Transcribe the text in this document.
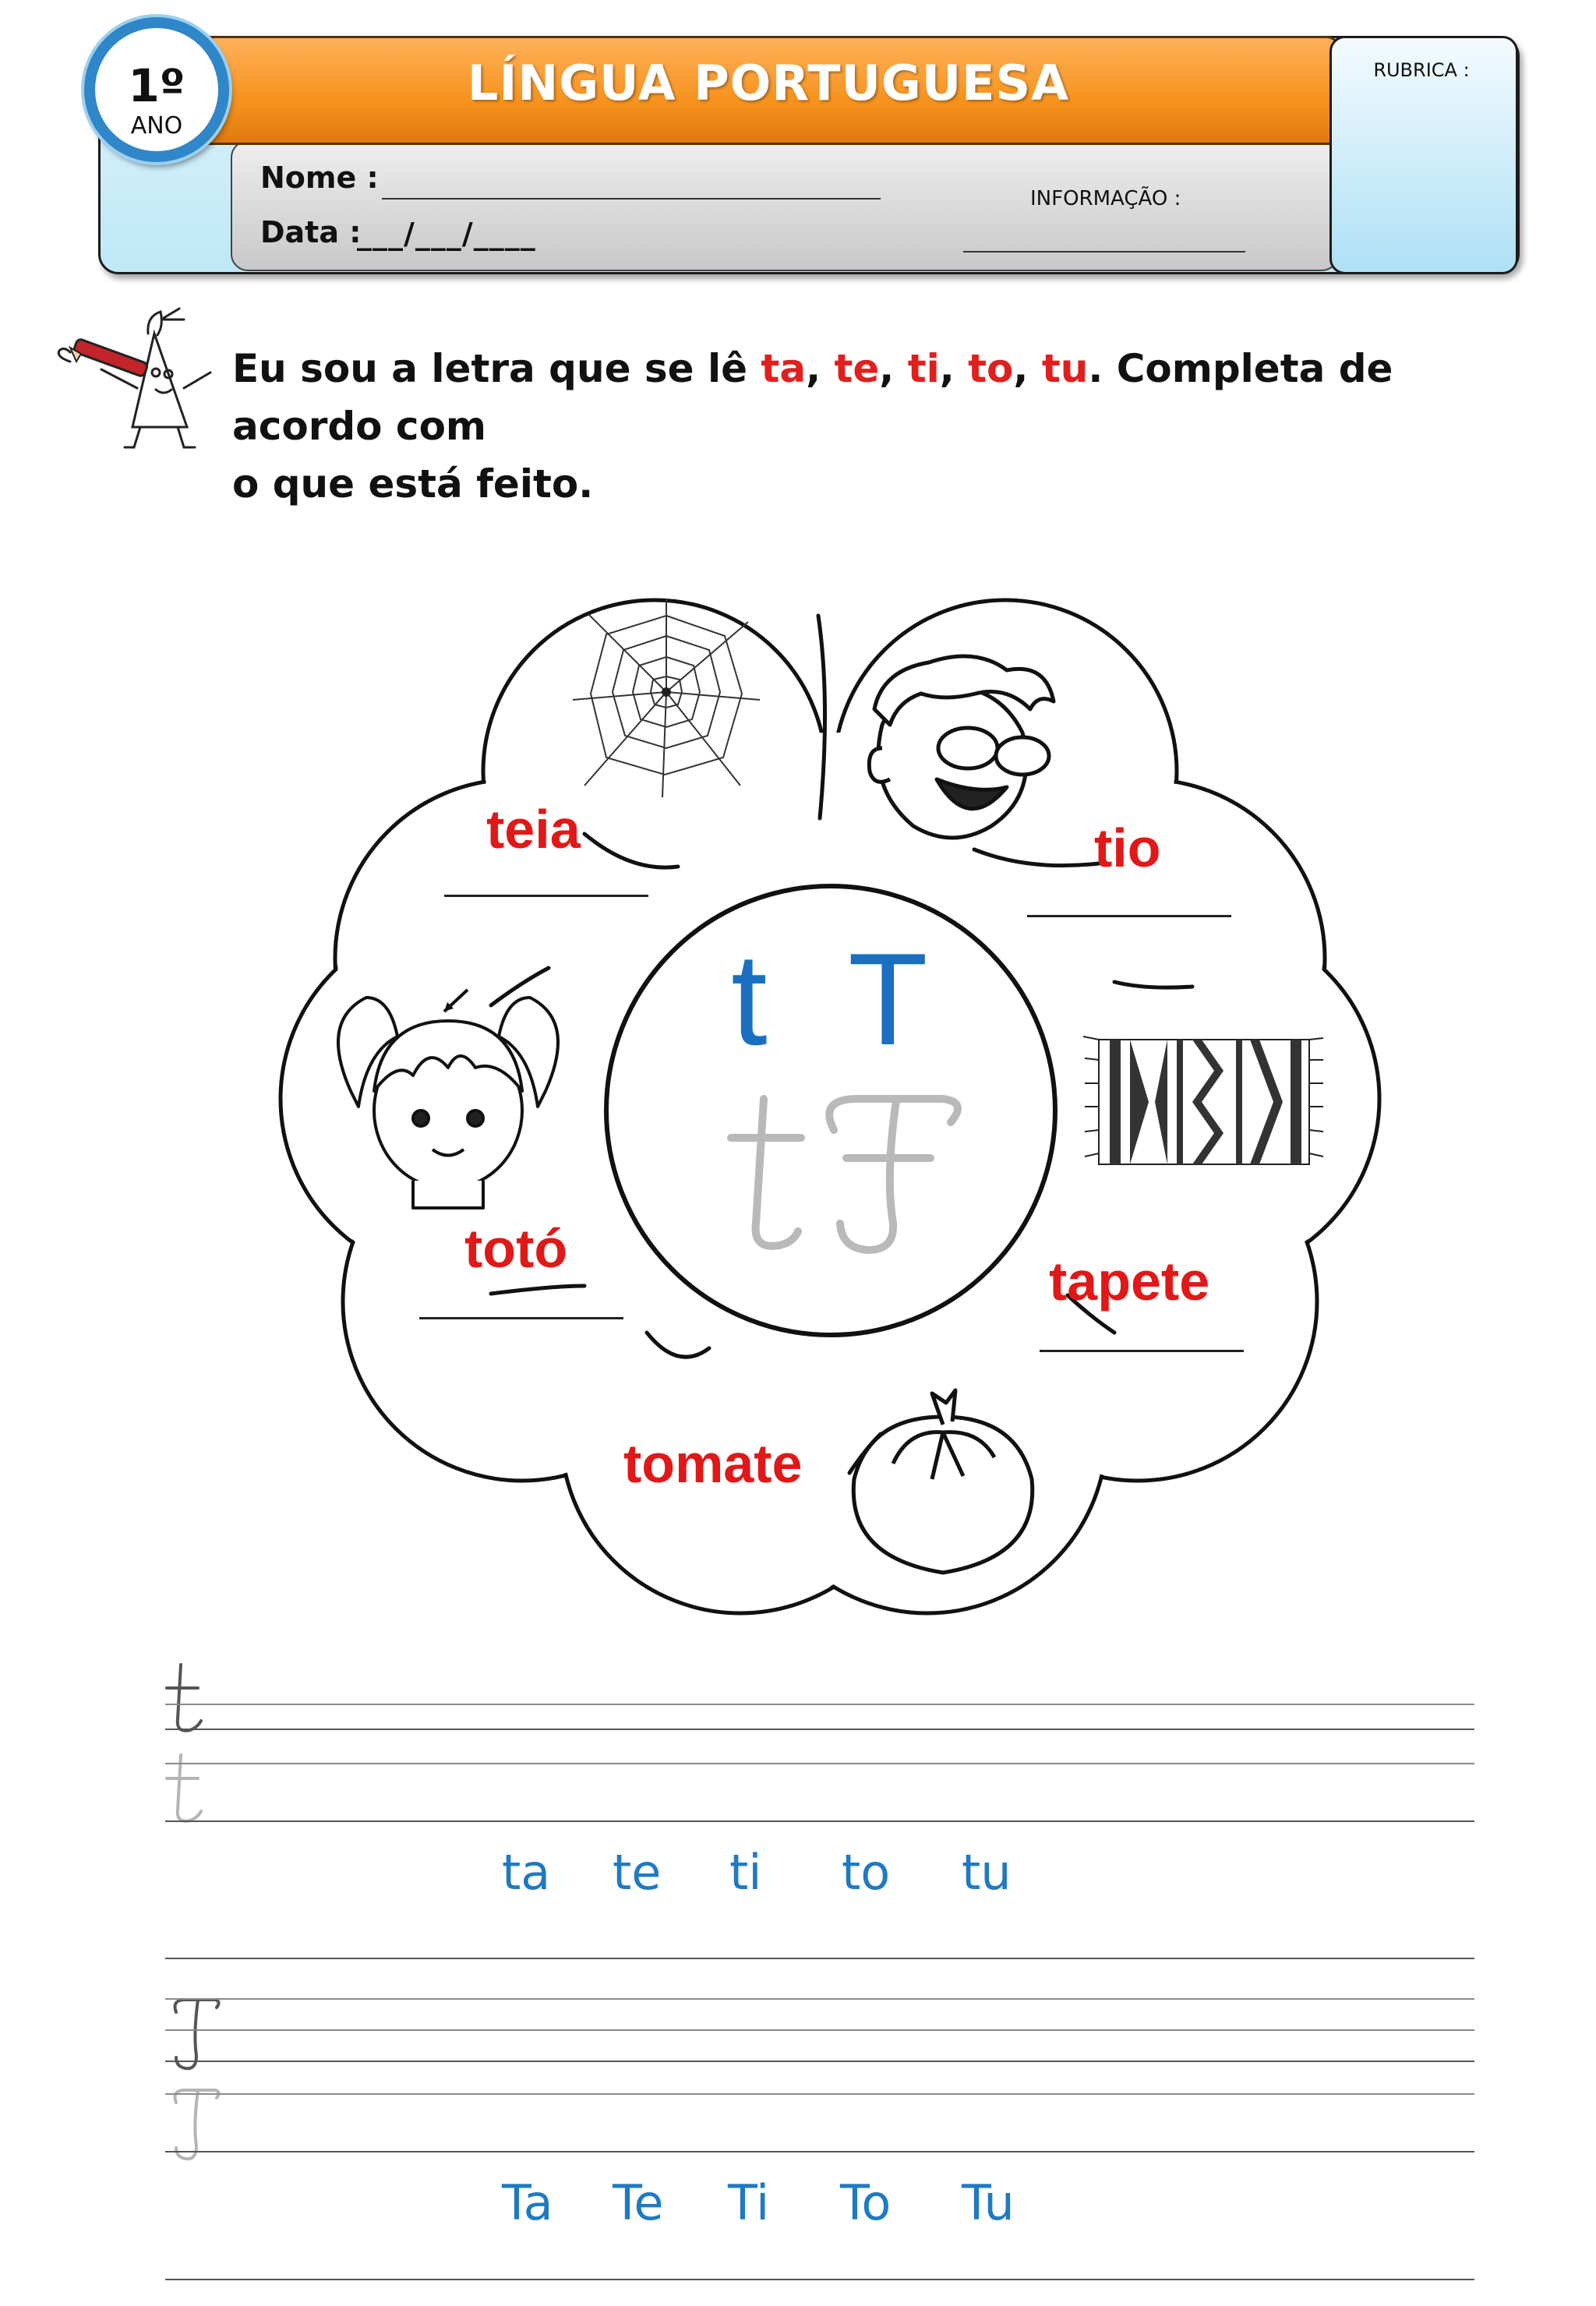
LÍNGUA PORTUGUESA	RUBRICA :
1º
ANO
Nome :
Data :
___/___/____
INFORMAÇÃO :
Eu sou a letra que se lê ta, te, ti, to, tu. Completa de acordo com
o que está feito.
t T
teia	tio
totó
tapete
tomate
ta te ti to tu
Ta Te Ti To Tu
